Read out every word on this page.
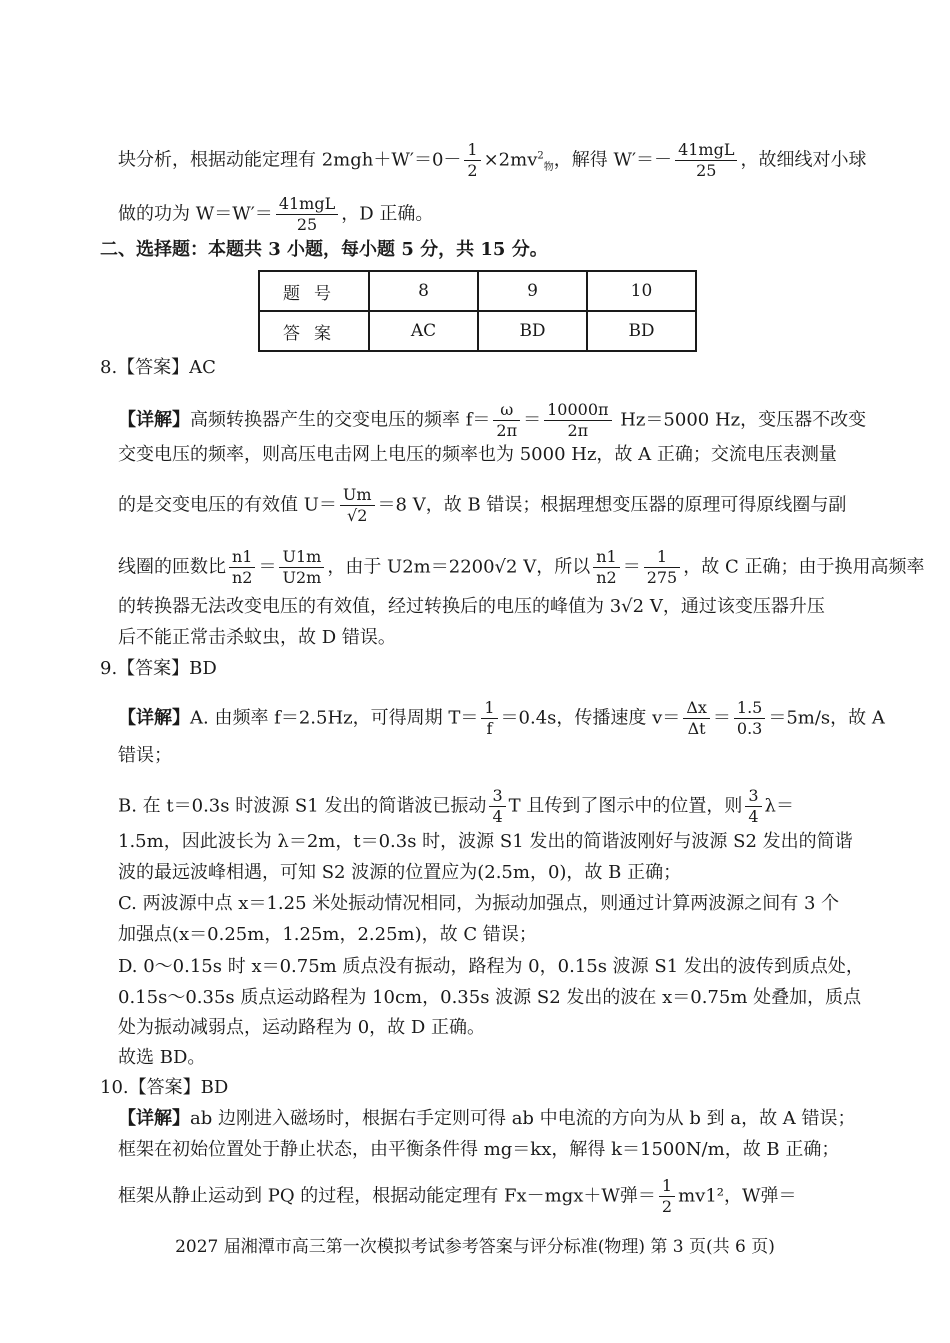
块分析，根据动能定理有 $2mgh+W'=0- \frac{1}{2} \times 2mv^2_物$，解得 $W'=- \frac{\text{41mgL}}{25}$ ，故细线对小球
做的功为 $W=W'= \frac{\text{41mgL}}{25}$ ，D 正确。
二、选择题：本题共 3 小题，每小题 5 分，共 15 分。
题号	8	9	10
答案	AC	BD	BD
8.【答案】AC
【详解】高频转换器产生的交变电压的频率 $f= \frac{\omega}{2\pi} = \frac{10000\pi}{2\pi} Hz=5000$ Hz，变压器不改变
交变电压的频率，则高压电击网上电压的频率也为 5000 Hz，故 A 正确；交流电压表测量
的是交变电压的有效值 $U= \frac{Um}{√2} =8$ V，故 B 错误；根据理想变压器的原理可得原线圈与副
线圈的匝数比 $\frac{n1}{n2} = \frac{U1m}{U2m}$ ，由于 U2m＝2200√2 V，所以 $\frac{n1}{n2} = \frac{1}{275}$ ，故 C 正确；由于换用高频率
的转换器无法改变电压的有效值，经过转换后的电压的峰值为 3√2 V，通过该变压器升压
后不能正常击杀蚊虫，故 D 错误。
9.【答案】BD
【详解】A. 由频率 f＝2.5Hz，可得周期 $T= \frac{1}{f} =0.4s$，传播速度 $v= \frac{\Delta x}{\Delta t} = \frac{1.5}{0.3} =5m/s$，故 A
错误；
B. 在 t＝0.3s 时波源 S1 发出的简谐波已振动 $\frac{3}{4}$ T 且传到了图示中的位置，则 $\frac{3}{4} \lambda=$
1.5m，因此波长为 λ＝2m，t＝0.3s 时，波源 S1 发出的简谐波刚好与波源 S2 发出的简谐
波的最远波峰相遇，可知 S2 波源的位置应为(2.5m，0)，故 B 正确；
C. 两波源中点 x＝1.25 米处振动情况相同，为振动加强点，则通过计算两波源之间有 3 个
加强点(x＝0.25m，1.25m，2.25m)，故 C 错误；
D. 0～0.15s 时 x＝0.75m 质点没有振动，路程为 0，0.15s 波源 S1 发出的波传到质点处，
0.15s～0.35s 质点运动路程为 10cm，0.35s 波源 S2 发出的波在 x＝0.75m 处叠加，质点
处为振动减弱点，运动路程为 0，故 D 正确。
故选 BD。
10.【答案】BD
【详解】ab 边刚进入磁场时，根据右手定则可得 ab 中电流的方向为从 b 到 a，故 A 错误；
框架在初始位置处于静止状态，由平衡条件得 mg＝kx，解得 k＝1500N/m，故 B 正确；
框架从静止运动到 PQ 的过程，根据动能定理有 Fx－mgx＋W弹＝ $\frac{1}{2} mv1^2$，W弹＝
2027 届湘潭市高三第一次模拟考试参考答案与评分标准(物理) 第 3 页(共 6 页)
